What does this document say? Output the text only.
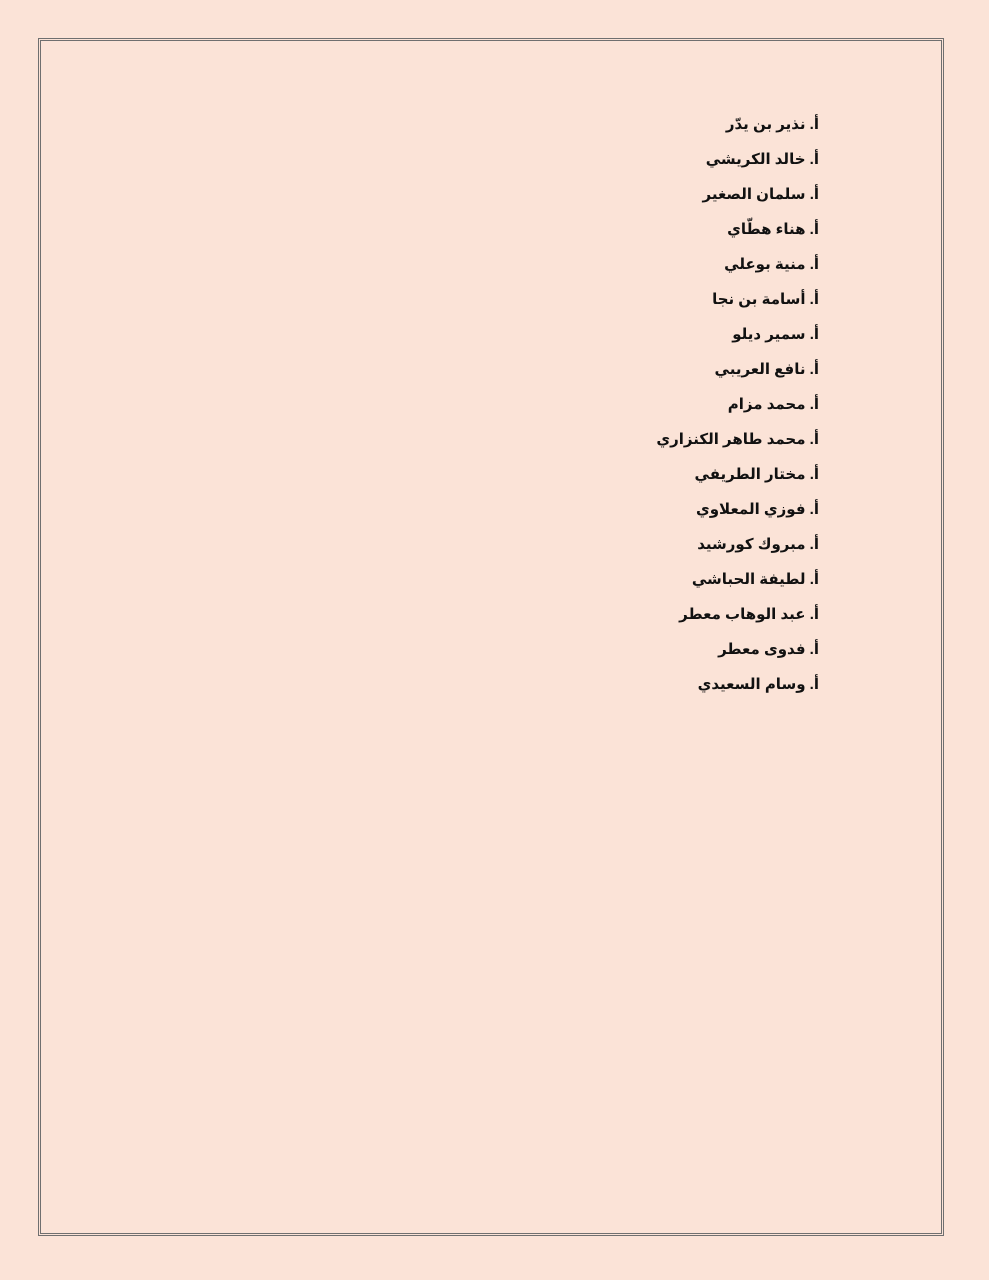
أ. نذير بن يدّر
أ. خالد الكريشي
أ. سلمان الصغير
أ. هناء هطّاي
أ. منية بوعلي
أ. أسامة بن نجا
أ. سمير ديلو
أ. نافع العريبي
أ. محمد مزام
أ. محمد طاهر الكنزاري
أ. مختار الطريفي
أ. فوزي المعلاوي
أ. مبروك كورشيد
أ. لطيفة الحباشي
أ. عبد الوهاب معطر
أ. فدوى معطر
أ. وسام السعيدي
